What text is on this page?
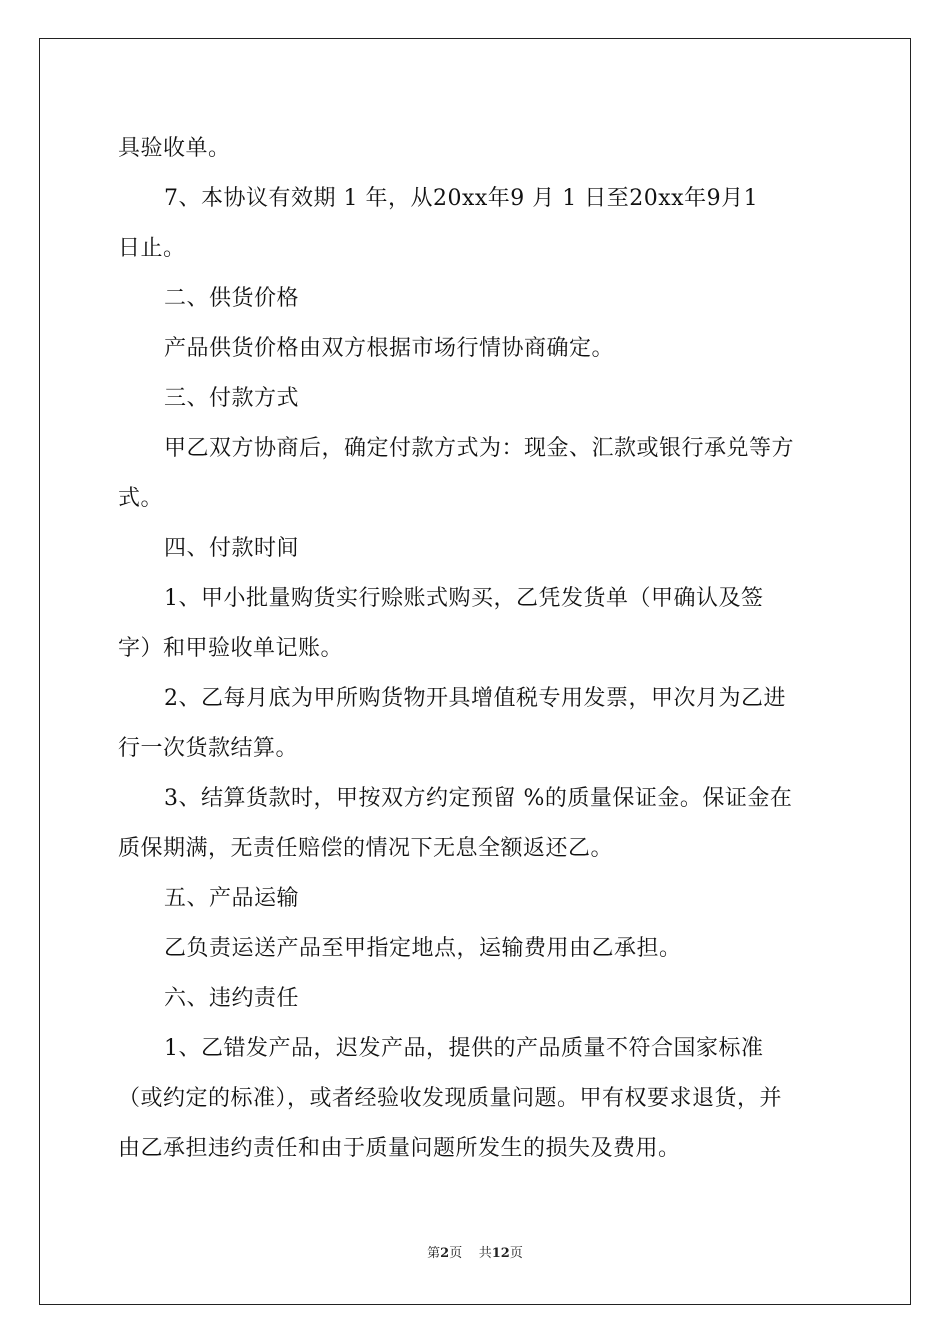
具验收单。
7、本协议有效期 1 年，从20xx年9 月 1 日至20xx年9月1
日止。
二、供货价格
产品供货价格由双方根据市场行情协商确定。
三、付款方式
甲乙双方协商后，确定付款方式为：现金、汇款或银行承兑等方
式。
四、付款时间
1、甲小批量购货实行赊账式购买，乙凭发货单（甲确认及签
字）和甲验收单记账。
2、乙每月底为甲所购货物开具增值税专用发票，甲次月为乙进
行一次货款结算。
3、结算货款时，甲按双方约定预留 %的质量保证金。保证金在
质保期满，无责任赔偿的情况下无息全额返还乙。
五、产品运输
乙负责运送产品至甲指定地点，运输费用由乙承担。
六、违约责任
1、乙错发产品，迟发产品，提供的产品质量不符合国家标准
（或约定的标准），或者经验收发现质量问题。甲有权要求退货，并
由乙承担违约责任和由于质量问题所发生的损失及费用。
第2页 共12页
